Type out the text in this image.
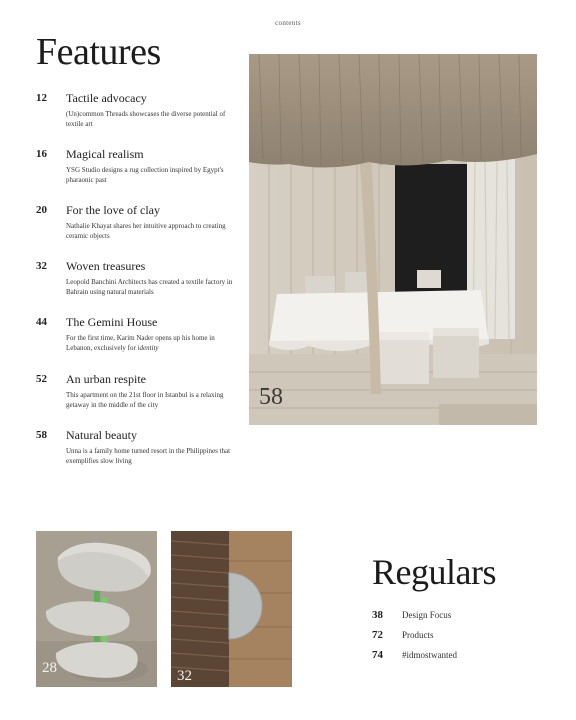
contents
Features
12 Tactile advocacy
(Un)common Threads showcases the diverse potential of textile art
16 Magical realism
YSG Studio designs a rug collection inspired by Egypt's pharaonic past
20 For the love of clay
Nathalie Khayat shares her intuitive approach to creating ceramic objects
32 Woven treasures
Leopold Banchini Architects has created a textile factory in Bahrain using natural materials
44 The Gemini House
For the first time, Karim Nader opens up his home in Lebanon, exclusively for identity
52 An urban respite
This apartment on the 21st floor in Istanbul is a relaxing getaway in the middle of the city
58 Natural beauty
Unna is a family home turned resort in the Philippines that exemplifies slow living
58
28	32
Regulars
38 Design Focus
72 Products
74 #idmostwanted
